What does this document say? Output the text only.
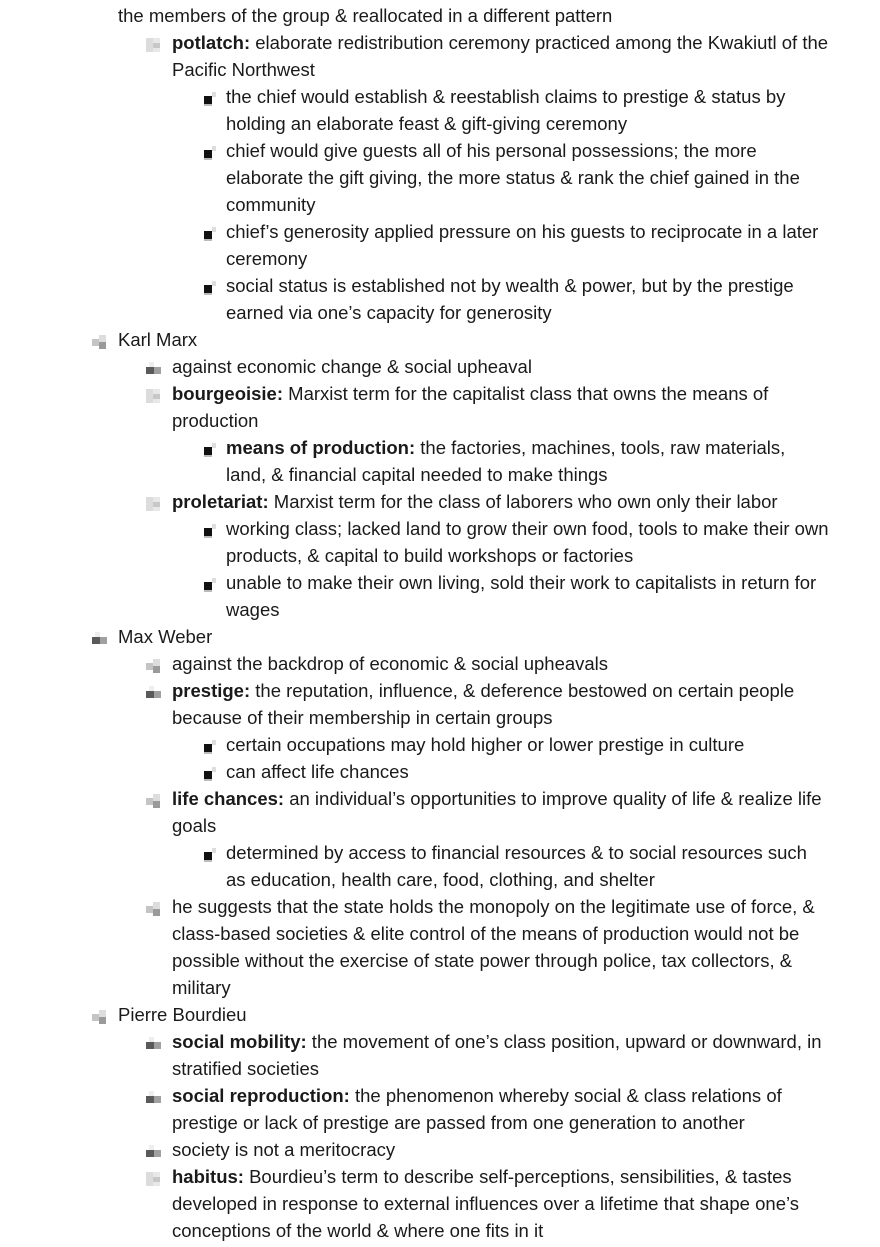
the members of the group & reallocated in a different pattern
potlatch: elaborate redistribution ceremony practiced among the Kwakiutl of the Pacific Northwest
the chief would establish & reestablish claims to prestige & status by holding an elaborate feast & gift-giving ceremony
chief would give guests all of his personal possessions; the more elaborate the gift giving, the more status & rank the chief gained in the community
chief’s generosity applied pressure on his guests to reciprocate in a later ceremony
social status is established not by wealth & power, but by the prestige earned via one’s capacity for generosity
Karl Marx
against economic change & social upheaval
bourgeoisie: Marxist term for the capitalist class that owns the means of production
means of production: the factories, machines, tools, raw materials, land, & financial capital needed to make things
proletariat: Marxist term for the class of laborers who own only their labor
working class; lacked land to grow their own food, tools to make their own products, & capital to build workshops or factories
unable to make their own living, sold their work to capitalists in return for wages
Max Weber
against the backdrop of economic & social upheavals
prestige: the reputation, influence, & deference bestowed on certain people because of their membership in certain groups
certain occupations may hold higher or lower prestige in culture
can affect life chances
life chances: an individual’s opportunities to improve quality of life & realize life goals
determined by access to financial resources & to social resources such as education, health care, food, clothing, and shelter
he suggests that the state holds the monopoly on the legitimate use of force, & class-based societies & elite control of the means of production would not be possible without the exercise of state power through police, tax collectors, & military
Pierre Bourdieu
social mobility: the movement of one’s class position, upward or downward, in stratified societies
social reproduction: the phenomenon whereby social & class relations of prestige or lack of prestige are passed from one generation to another
society is not a meritocracy
habitus: Bourdieu’s term to describe self-perceptions, sensibilities, & tastes developed in response to external influences over a lifetime that shape one’s conceptions of the world & where one fits in it
